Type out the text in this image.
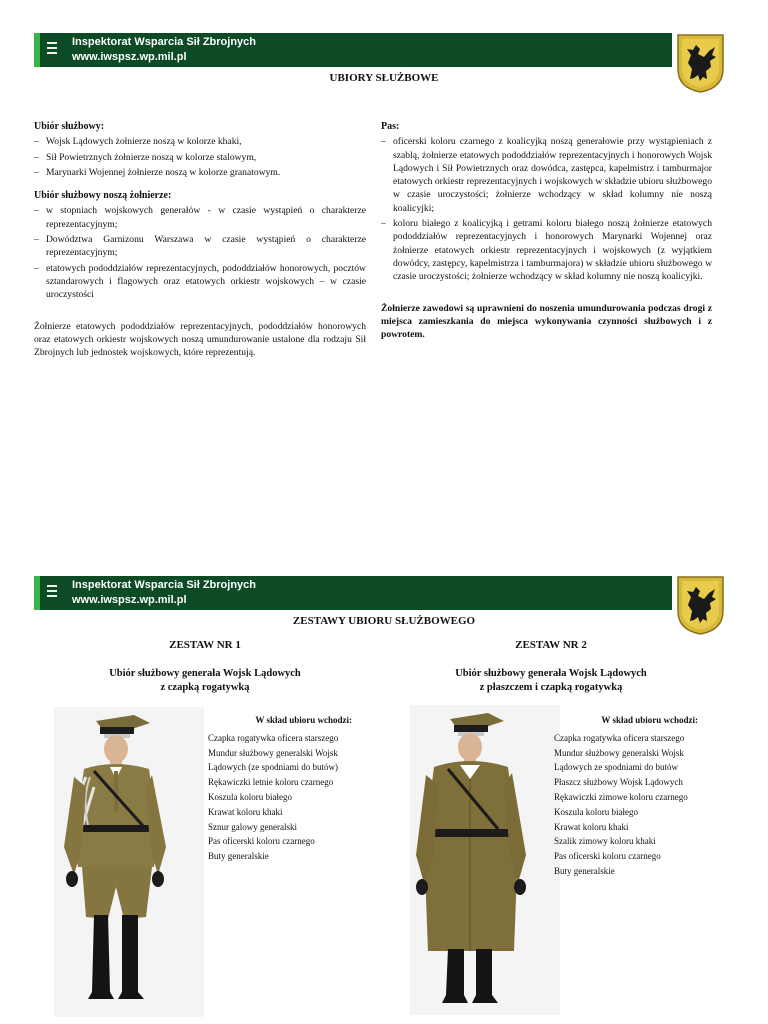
Inspektorat Wsparcia Sił Zbrojnych
www.iwspsz.wp.mil.pl
UBIORY SŁUŻBOWE
Ubiór służbowy:
– Wojsk Lądowych żołnierze noszą w kolorze khaki,
– Sił Powietrznych żołnierze noszą w kolorze stalowym,
– Marynarki Wojennej żołnierze noszą w kolorze granatowym.
Ubiór służbowy noszą żołnierze:
– w stopniach wojskowych generałów - w czasie wystąpień o charakterze reprezentacyjnym;
– Dowództwa Garnizonu Warszawa w czasie wystąpień o charakterze reprezentacyjnym;
– etatowych pododdziałów reprezentacyjnych, pododdziałów honorowych, pocztów sztandarowych i flagowych oraz etatowych orkiestr wojskowych – w czasie uroczystości

Żołnierze etatowych pododdziałów reprezentacyjnych, pododdziałów honorowych oraz etatowych orkiestr wojskowych noszą umundurowanie ustalone dla rodzaju Sił Zbrojnych lub jednostek wojskowych, które reprezentują.

Pas:
– oficerski koloru czarnego z koalicyjką noszą generałowie przy wystąpieniach z szablą, żołnierze etatowych pododdziałów reprezentacyjnych i honorowych Wojsk Lądowych i Sił Powietrznych oraz dowódca, zastępca, kapelmistrz i tamburmajor etatowych orkiestr reprezentacyjnych i wojskowych w składzie ubioru służbowego w czasie uroczystości; żołnierze wchodzący w skład kolumny nie noszą koalicyjki;
– koloru białego z koalicyjką i getrami koloru białego noszą żołnierze etatowych pododdziałów reprezentacyjnych i honorowych Marynarki Wojennej oraz żołnierze etatowych orkiestr reprezentacyjnych i wojskowych (z wyjątkiem dowódcy, zastępcy, kapelmistrza i tamburmajora) w składzie ubioru służbowego w czasie uroczystości; żołnierze wchodzący w skład kolumny nie noszą koalicyjki.

Żołnierze zawodowi są uprawnieni do noszenia umundurowania podczas drogi z miejsca zamieszkania do miejsca wykonywania czynności służbowych i z powrotem.

Inspektorat Wsparcia Sił Zbrojnych
www.iwspsz.wp.mil.pl
ZESTAWY UBIORU SŁUŻBOWEGO
ZESTAW NR 1
Ubiór służbowy generała Wojsk Lądowych
z czapką rogatywką
W skład ubioru wchodzi:
Czapka rogatywka oficera starszego
Mundur służbowy generalski Wojsk
Lądowych (ze spodniami do butów)
Rękawiczki letnie koloru czarnego
Koszula koloru białego
Krawat koloru khaki
Sznur galowy generalski
Pas oficerski koloru czarnego
Buty generalskie
ZESTAW NR 2
Ubiór służbowy generała Wojsk Lądowych
z płaszczem i czapką rogatywką
W skład ubioru wchodzi:
Czapka rogatywka oficera starszego
Mundur służbowy generalski Wojsk
Lądowych ze spodniami do butów
Płaszcz służbowy Wojsk Lądowych
Rękawiczki zimowe koloru czarnego
Koszula koloru białego
Krawat koloru khaki
Szalik zimowy koloru khaki
Pas oficerski koloru czarnego
Buty generalskie
